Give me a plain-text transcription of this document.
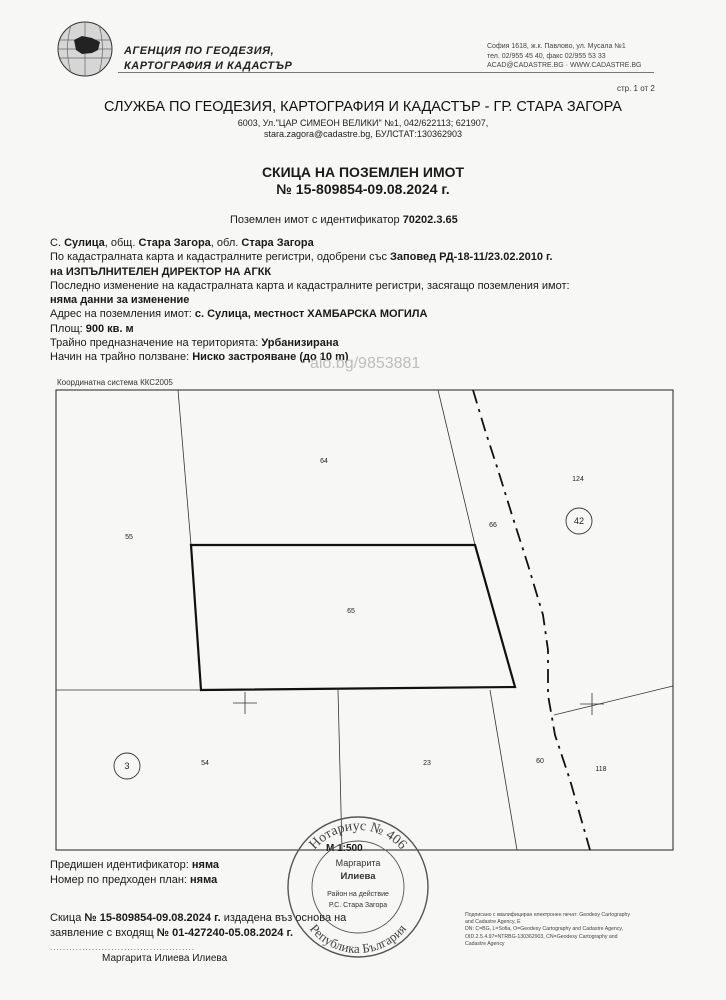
АГЕНЦИЯ ПО ГЕОДЕЗИЯ,
КАРТОГРАФИЯ И КАДАСТЪР
София 1618, ж.к. Павлово, ул. Мусала №1
тел. 02/955 45 40, факс 02/955 53 33
ACAD@CADASTRE.BG · WWW.CADASTRE.BG
стр. 1 от 2
СЛУЖБА ПО ГЕОДЕЗИЯ, КАРТОГРАФИЯ И КАДАСТЪР - ГР. СТАРА ЗАГОРА
6003, Ул."ЦАР СИМЕОН ВЕЛИКИ" №1, 042/622113; 621907,
stara.zagora@cadastre.bg, БУЛСТАТ:130362903
СКИЦА НА ПОЗЕМЛЕН ИМОТ
№ 15-809854-09.08.2024 г.
Поземлен имот с идентификатор 70202.3.65
С. Сулица, общ. Стара Загора, обл. Стара Загора
По кадастралната карта и кадастралните регистри, одобрени със Заповед РД-18-11/23.02.2010 г.
на ИЗПЪЛНИТЕЛЕН ДИРЕКТОР НА АГКК
Последно изменение на кадастралната карта и кадастралните регистри, засягащо поземления имот:
няма данни за изменение
Адрес на поземления имот: с. Сулица, местност ХАМБАРСКА МОГИЛА
Площ: 900 кв. м
Трайно предназначение на територията: Урбанизирана
Начин на трайно ползване: Ниско застрояване (до 10 m)
Координатна система ККС2005
64
124
66
55
65
54	23	60
118
42
3
alo.bg/9853881
М 1:500
Предишен идентификатор: няма
Номер по предходен план: няма
Скица № 15-809854-09.08.2024 г. издадена въз основа на
заявление с входящ № 01-427240-05.08.2024 г.
.............................................
Маргарита Илиева Илиева
Подписано с квалифициран електронен печат: Geodesy Cartography
and Cadastre Agency, E
DN: C=BG, L=Sofia, O=Geodesy Cartography and Cadastre Agency,
OID.2.5.4.97=NTRBG-130362903, CN=Geodesy Cartography and
Cadastre Agency
Нотариус № 406
Република България
Маргарита
Илиева
Район на действие
Р.С. Стара Загора
